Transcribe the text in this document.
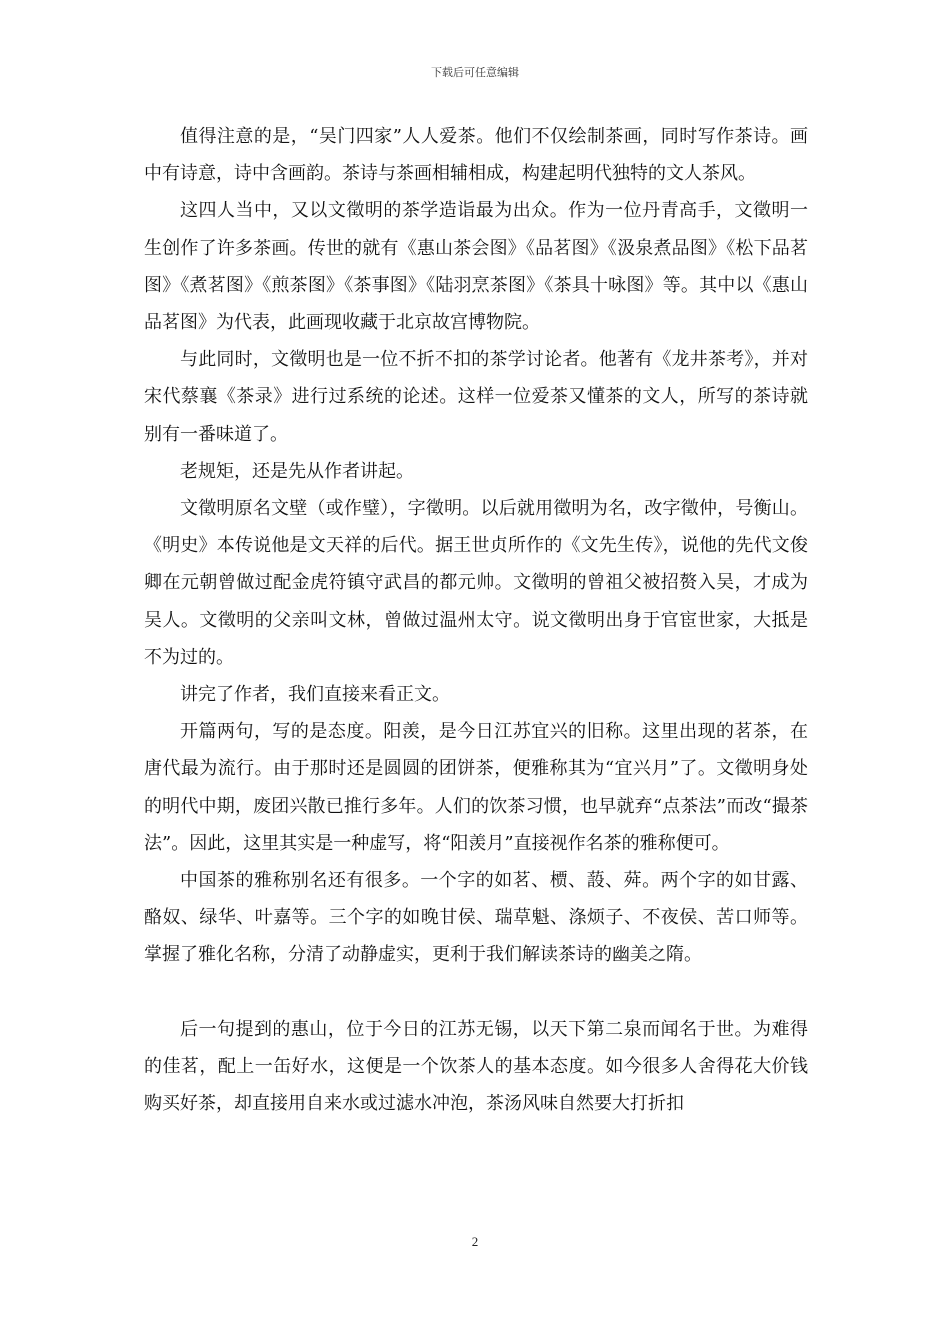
下载后可任意编辑

值得注意的是，“吴门四家”人人爱茶。他们不仅绘制茶画，同时写作茶诗。画中有诗意，诗中含画韵。茶诗与茶画相辅相成，构建起明代独特的文人茶风。

这四人当中，又以文徵明的茶学造诣最为出众。作为一位丹青高手，文徵明一生创作了许多茶画。传世的就有《惠山茶会图》《品茗图》《汲泉煮品图》《松下品茗图》《煮茗图》《煎茶图》《茶事图》《陆羽烹茶图》《茶具十咏图》等。其中以《惠山品茗图》为代表，此画现收藏于北京故宫博物院。

与此同时，文徵明也是一位不折不扣的茶学讨论者。他著有《龙井茶考》，并对宋代蔡襄《茶录》进行过系统的论述。这样一位爱茶又懂茶的文人，所写的茶诗就别有一番味道了。

老规矩，还是先从作者讲起。

文徵明原名文壁（或作璧），字徵明。以后就用徵明为名，改字徵仲，号衡山。《明史》本传说他是文天祥的后代。据王世贞所作的《文先生传》，说他的先代文俊卿在元朝曾做过配金虎符镇守武昌的都元帅。文徵明的曾祖父被招赘入吴，才成为吴人。文徵明的父亲叫文林，曾做过温州太守。说文徵明出身于官宦世家，大抵是不为过的。

讲完了作者，我们直接来看正文。

开篇两句，写的是态度。阳羡，是今日江苏宜兴的旧称。这里出现的茗茶，在唐代最为流行。由于那时还是圆圆的团饼茶，便雅称其为“宜兴月”了。文徵明身处的明代中期，废团兴散已推行多年。人们的饮茶习惯，也早就弃“点茶法”而改“撮茶法”。因此，这里其实是一种虚写，将“阳羡月”直接视作名茶的雅称便可。

中国茶的雅称别名还有很多。一个字的如茗、槚、蔎、荈。两个字的如甘露、酪奴、绿华、叶嘉等。三个字的如晚甘侯、瑞草魁、涤烦子、不夜侯、苦口师等。掌握了雅化名称，分清了动静虚实，更利于我们解读茶诗的幽美之隋。

后一句提到的惠山，位于今日的江苏无锡，以天下第二泉而闻名于世。为难得的佳茗，配上一缶好水，这便是一个饮茶人的基本态度。如今很多人舍得花大价钱购买好茶，却直接用自来水或过滤水冲泡，茶汤风味自然要大打折扣

2
